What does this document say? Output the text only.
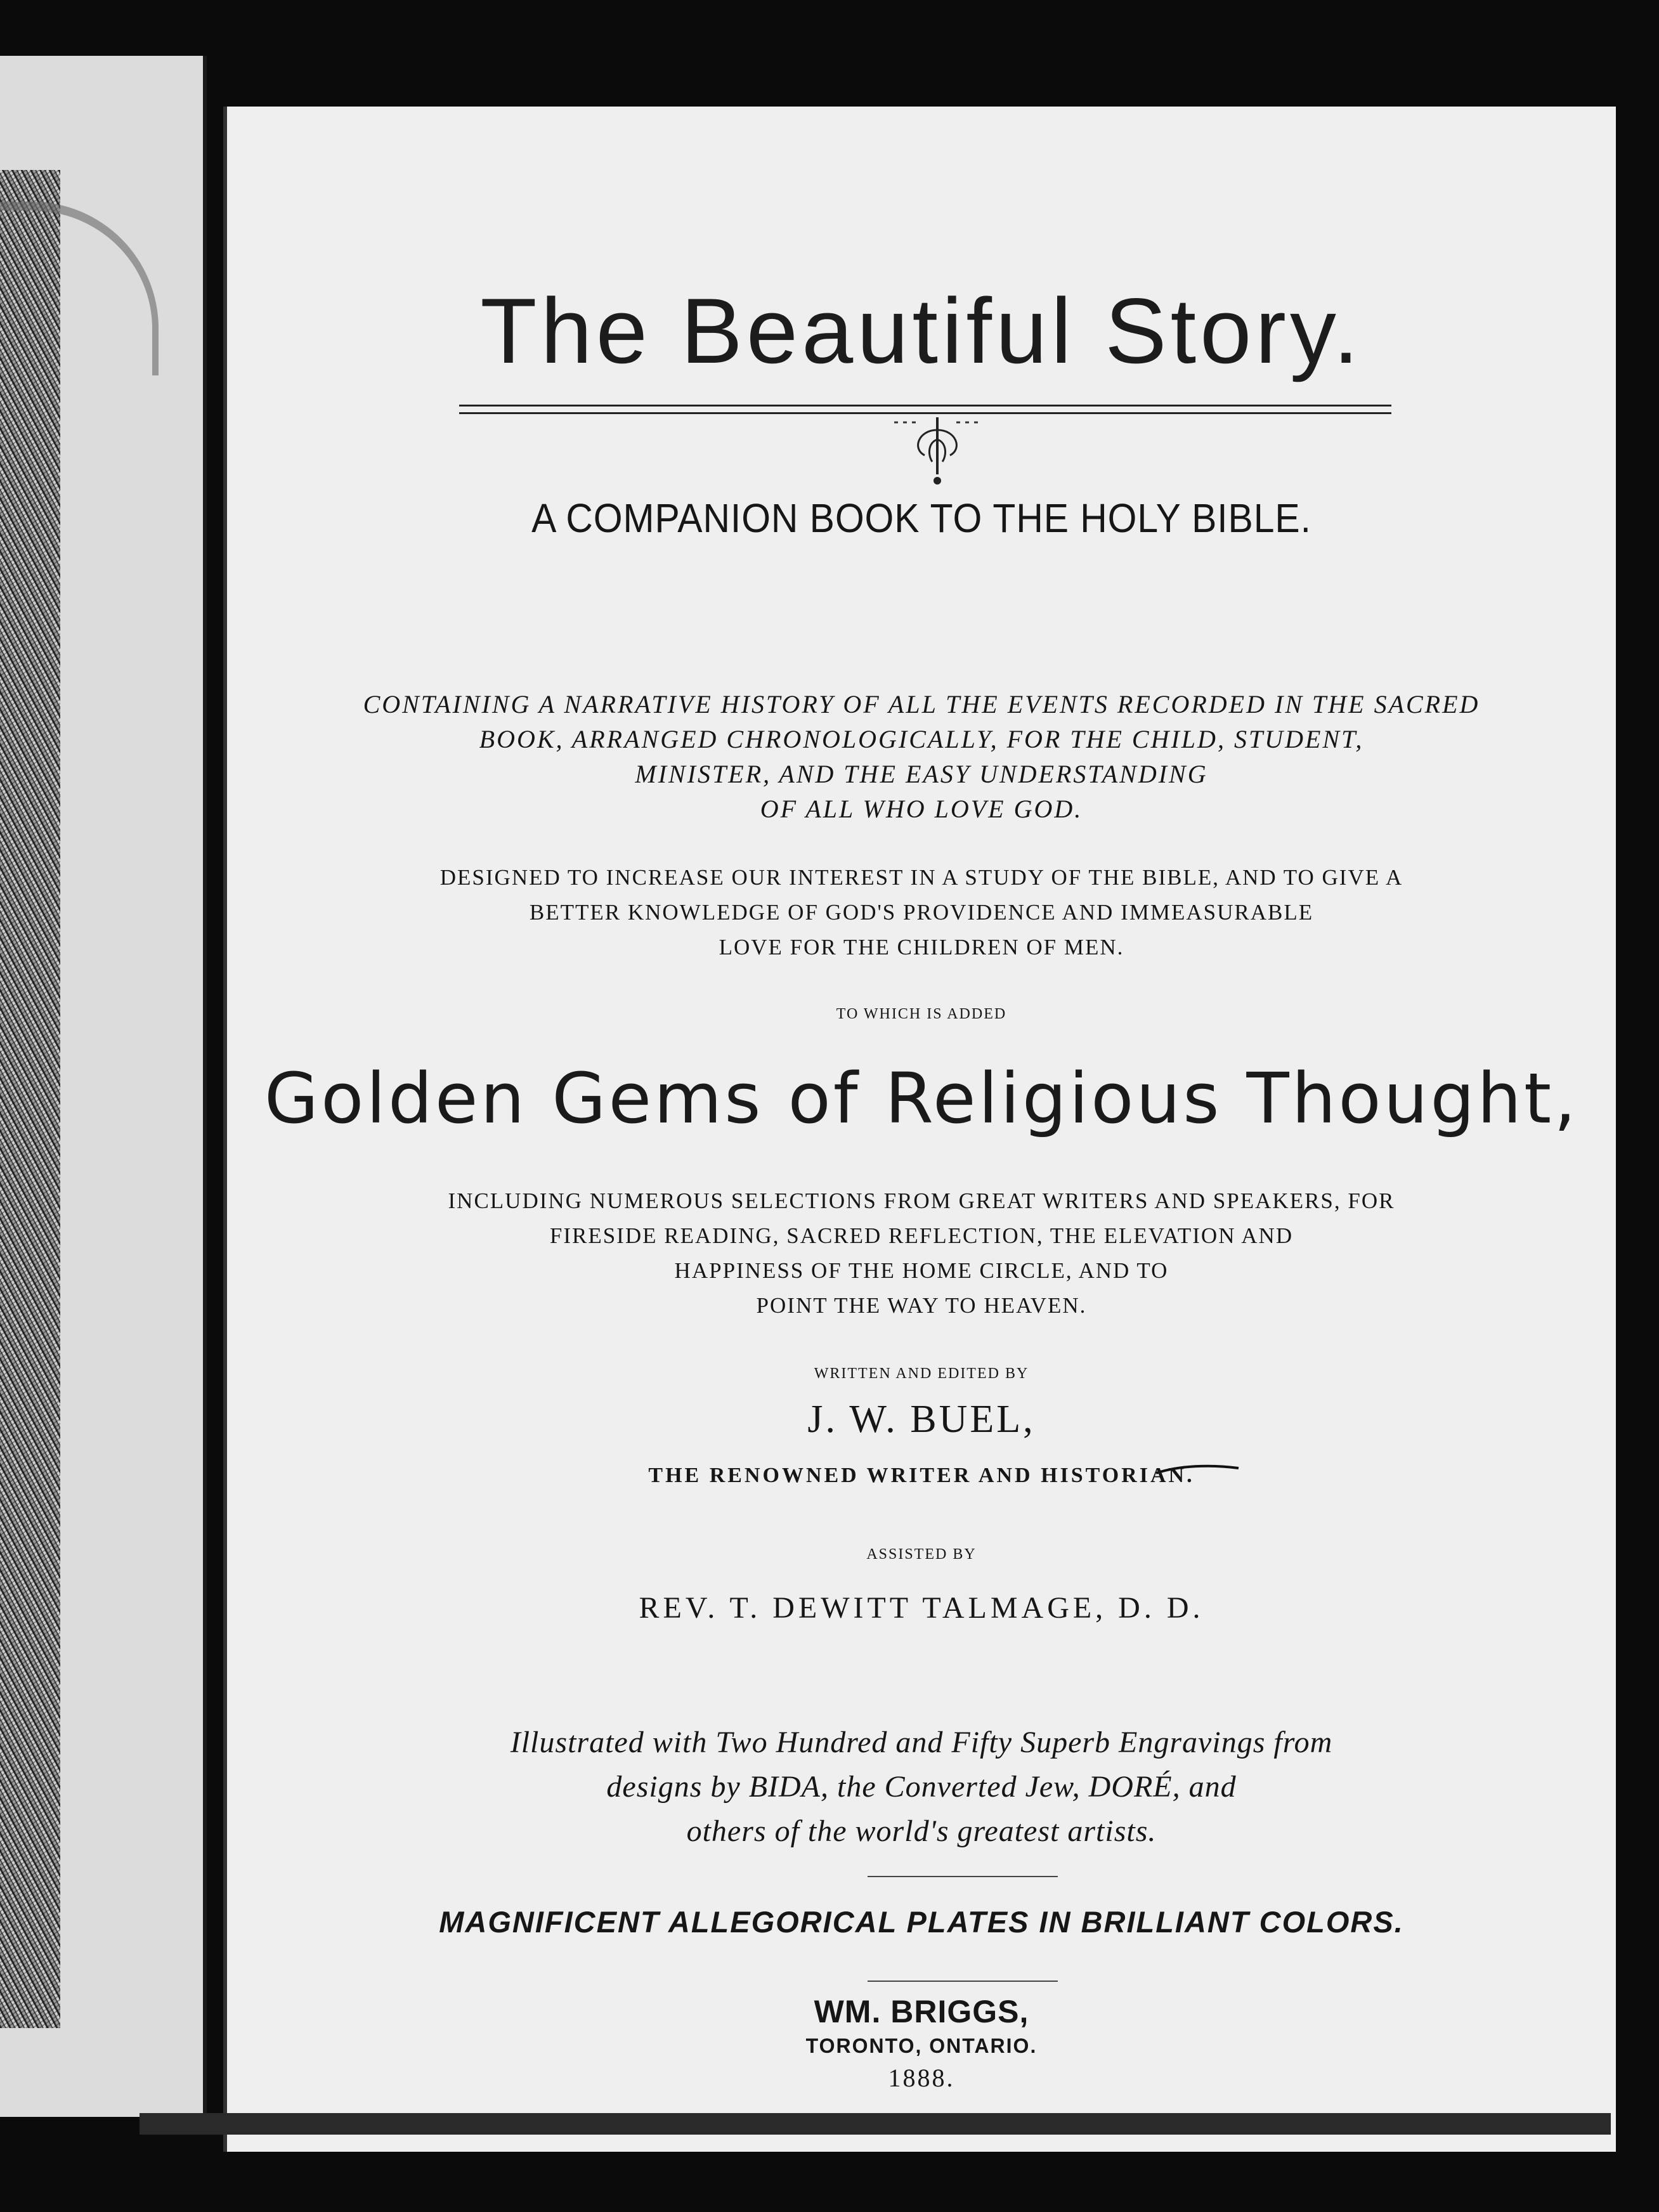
The Beautiful Story.
A COMPANION BOOK TO THE HOLY BIBLE.
CONTAINING A NARRATIVE HISTORY OF ALL THE EVENTS RECORDED IN THE SACRED
BOOK, ARRANGED CHRONOLOGICALLY, FOR THE CHILD, STUDENT,
MINISTER, AND THE EASY UNDERSTANDING
OF ALL WHO LOVE GOD.
DESIGNED TO INCREASE OUR INTEREST IN A STUDY OF THE BIBLE, AND TO GIVE A
BETTER KNOWLEDGE OF GOD'S PROVIDENCE AND IMMEASURABLE
LOVE FOR THE CHILDREN OF MEN.
TO WHICH IS ADDED
Golden Gems of Religious Thought,
INCLUDING NUMEROUS SELECTIONS FROM GREAT WRITERS AND SPEAKERS, FOR
FIRESIDE READING, SACRED REFLECTION, THE ELEVATION AND
HAPPINESS OF THE HOME CIRCLE, AND TO
POINT THE WAY TO HEAVEN.
WRITTEN AND EDITED BY
J. W. BUEL,
THE RENOWNED WRITER AND HISTORIAN.
ASSISTED BY
REV. T. DEWITT TALMAGE, D. D.
Illustrated with Two Hundred and Fifty Superb Engravings from
designs by BIDA, the Converted Jew, DORÉ, and
others of the world's greatest artists.
MAGNIFICENT ALLEGORICAL PLATES IN BRILLIANT COLORS.
WM. BRIGGS,
TORONTO, ONTARIO.
1888.
